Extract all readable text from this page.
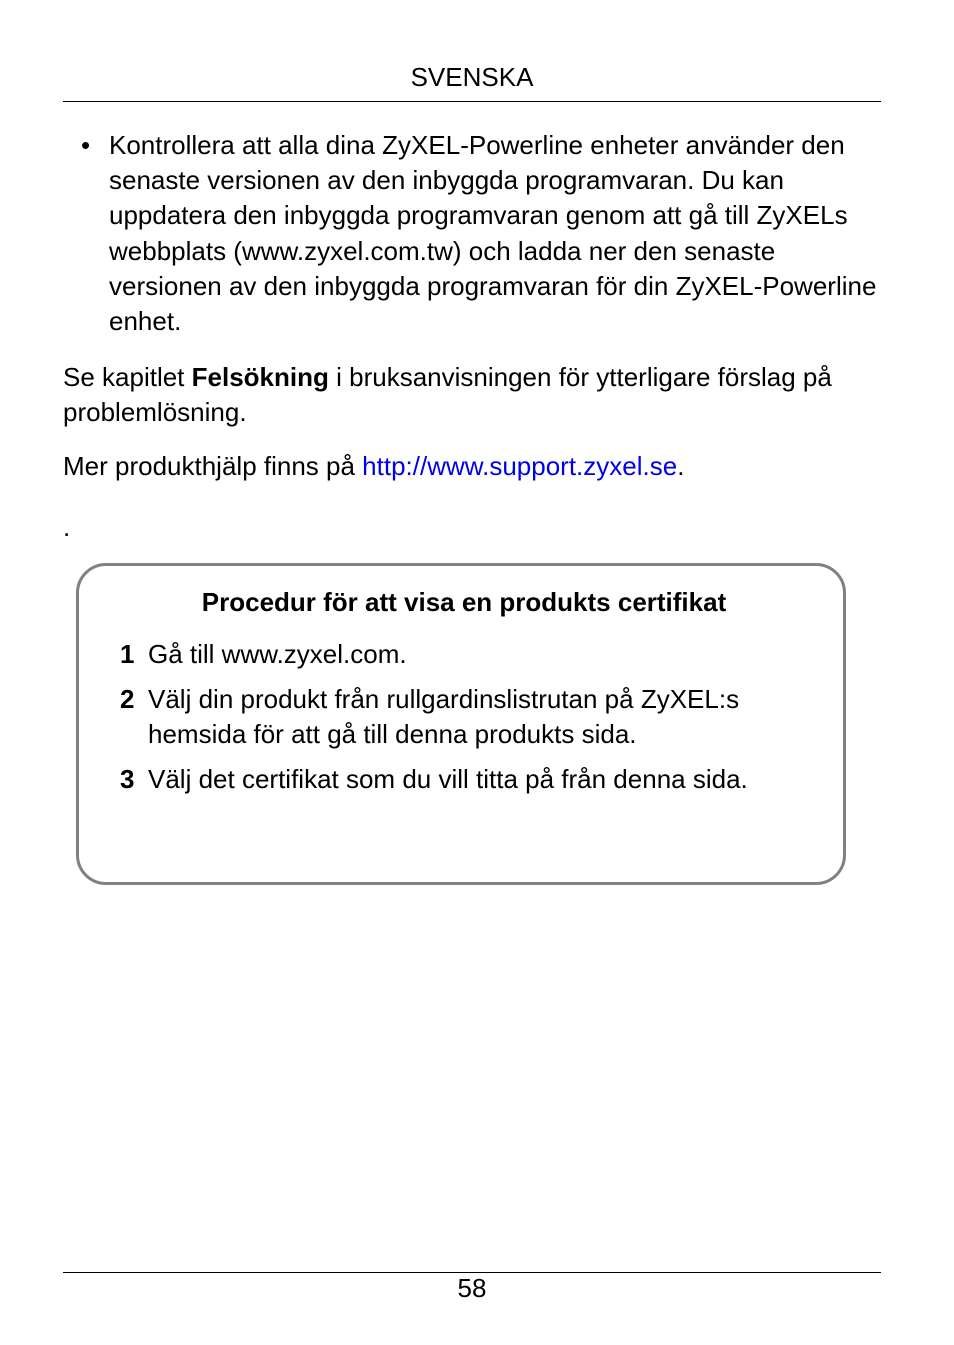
SVENSKA
• Kontrollera att alla dina ZyXEL-Powerline enheter använder den senaste versionen av den inbyggda programvaran. Du kan uppdatera den inbyggda programvaran genom att gå till ZyXELs webbplats (www.zyxel.com.tw) och ladda ner den senaste versionen av den inbyggda programvaran för din ZyXEL-Powerline enhet.
Se kapitlet Felsökning i bruksanvisningen för ytterligare förslag på problemlösning.
Mer produkthjälp finns på http://www.support.zyxel.se.
.
Procedur för att visa en produkts certifikat
1 Gå till www.zyxel.com.
2 Välj din produkt från rullgardinslistrutan på ZyXEL:s hemsida för att gå till denna produkts sida.
3 Välj det certifikat som du vill titta på från denna sida.
58
